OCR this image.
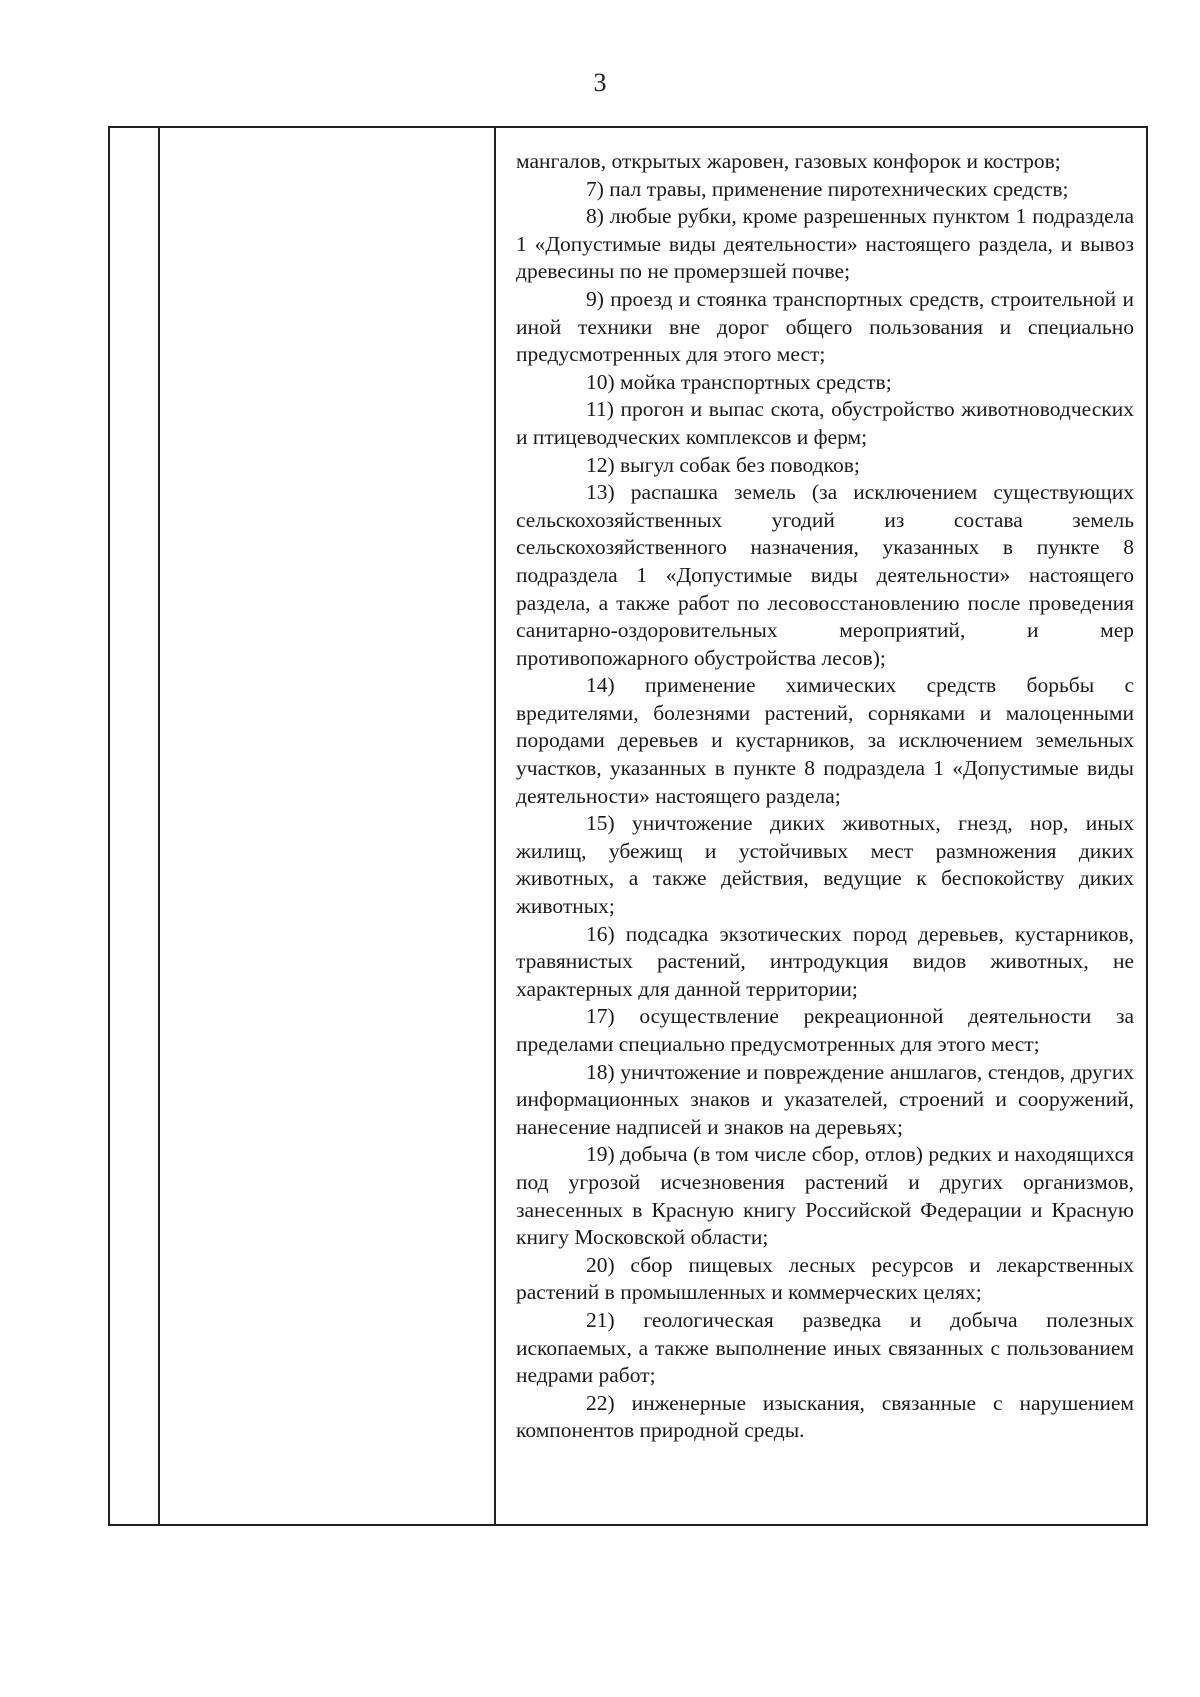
3

мангалов, открытых жаровен, газовых конфорок и костров;

7) пал травы, применение пиротехнических средств;

8) любые рубки, кроме разрешенных пунктом 1 подраздела 1 «Допустимые виды деятельности» настоящего раздела, и вывоз древесины по не промерзшей почве;

9) проезд и стоянка транспортных средств, строительной и иной техники вне дорог общего пользования и специально предусмотренных для этого мест;

10) мойка транспортных средств;

11) прогон и выпас скота, обустройство животноводческих и птицеводческих комплексов и ферм;

12) выгул собак без поводков;

13) распашка земель (за исключением существующих сельскохозяйственных угодий из состава земель сельскохозяйственного назначения, указанных в пункте 8 подраздела 1 «Допустимые виды деятельности» настоящего раздела, а также работ по лесовосстановлению после проведения санитарно-оздоровительных мероприятий, и мер противопожарного обустройства лесов);

14) применение химических средств борьбы с вредителями, болезнями растений, сорняками и малоценными породами деревьев и кустарников, за исключением земельных участков, указанных в пункте 8 подраздела 1 «Допустимые виды деятельности» настоящего раздела;

15) уничтожение диких животных, гнезд, нор, иных жилищ, убежищ и устойчивых мест размножения диких животных, а также действия, ведущие к беспокойству диких животных;

16) подсадка экзотических пород деревьев, кустарников, травянистых растений, интродукция видов животных, не характерных для данной территории;

17) осуществление рекреационной деятельности за пределами специально предусмотренных для этого мест;

18) уничтожение и повреждение аншлагов, стендов, других информационных знаков и указателей, строений и сооружений, нанесение надписей и знаков на деревьях;

19) добыча (в том числе сбор, отлов) редких и находящихся под угрозой исчезновения растений и других организмов, занесенных в Красную книгу Российской Федерации и Красную книгу Московской области;

20) сбор пищевых лесных ресурсов и лекарственных растений в промышленных и коммерческих целях;

21) геологическая разведка и добыча полезных ископаемых, а также выполнение иных связанных с пользованием недрами работ;

22) инженерные изыскания, связанные с нарушением компонентов природной среды.
